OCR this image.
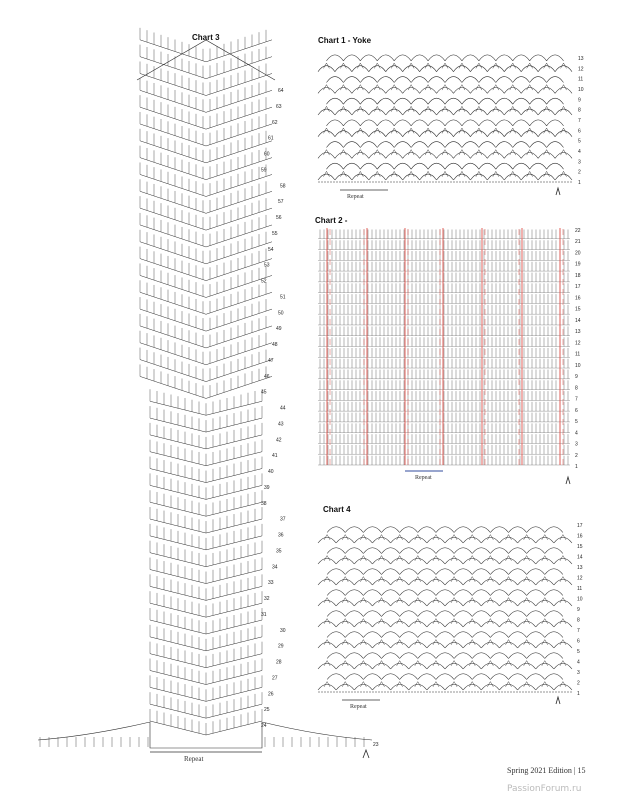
Chart 3	Chart 1 - Yoke
Chart 2 -
Chart 4
24
25
26
27
28
29
30
31
32
33
34
35
36
37
38
39
40
41
42
43
44
45
46
47
48
49
50
51
52
53
54
55
56
57
58
59
60
61
62
63
64
Repeat
23
1
2
3
4
5
6
7
8
9
10
11
12
13
Repeat
1
2
3
4
5
6
7
8
9
10
11
12
13
14
15
16
17
18
19
20
21
22
Repeat
1
2
3
4
5
6
7
8
9
10
11
12
13
14
15
16
17
Repeat
Spring 2021 Edition | 15
PassionForum.ru
